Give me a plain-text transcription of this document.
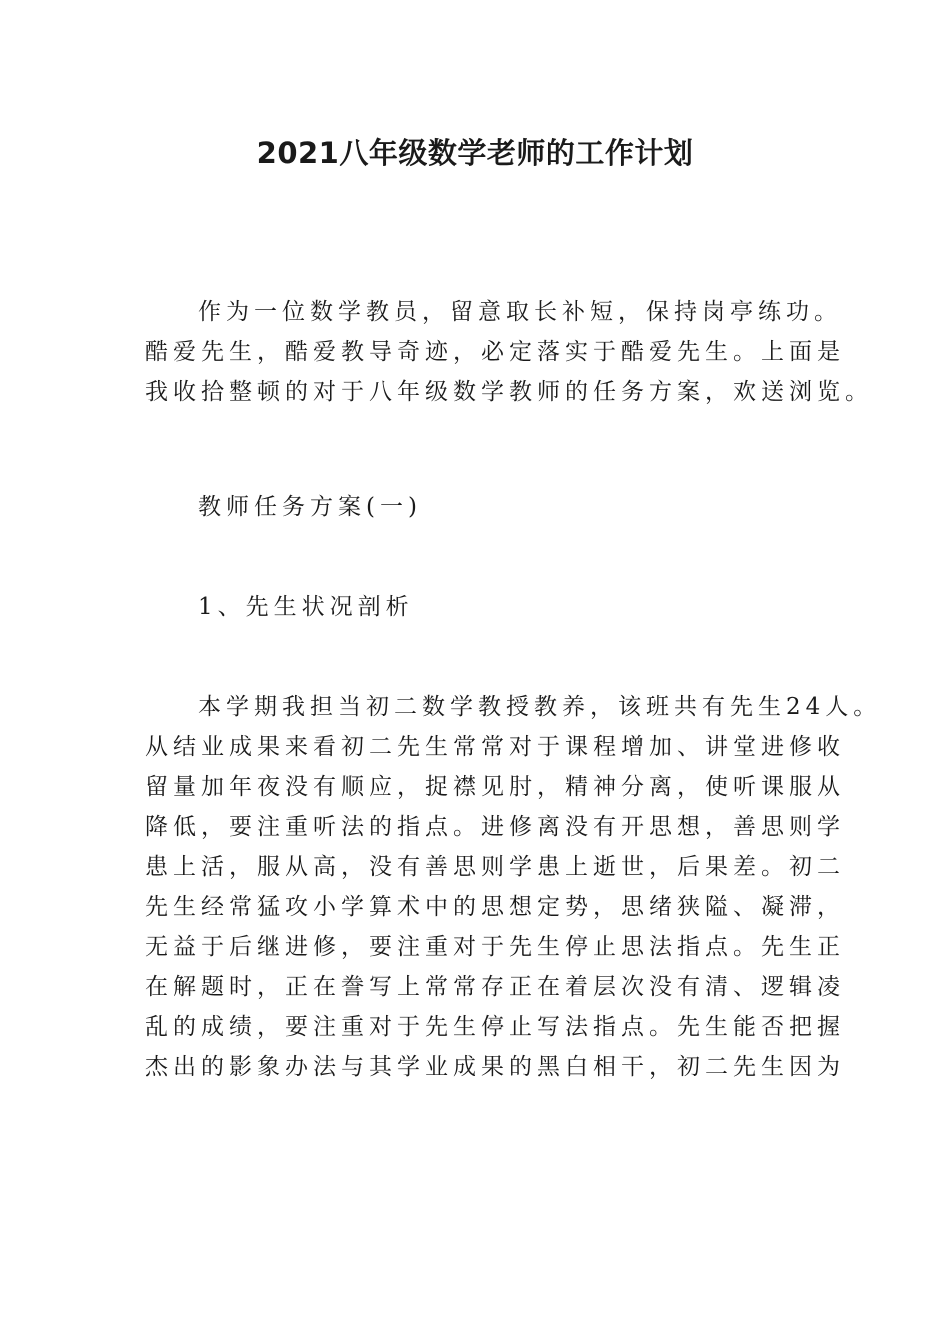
2021八年级数学老师的工作计划
作为一位数学教员，留意取长补短，保持岗亭练功。
酷爱先生，酷爱教导奇迹，必定落实于酷爱先生。上面是
我收拾整顿的对于八年级数学教师的任务方案，欢送浏览。
教师任务方案(一)
1、先生状况剖析
本学期我担当初二数学教授教养，该班共有先生24人。
从结业成果来看初二先生常常对于课程增加、讲堂进修收
留量加年夜没有顺应，捉襟见肘，精神分离，使听课服从
降低，要注重听法的指点。进修离没有开思想，善思则学
患上活，服从高，没有善思则学患上逝世，后果差。初二
先生经常猛攻小学算术中的思想定势，思绪狭隘、凝滞，
无益于后继进修，要注重对于先生停止思法指点。先生正
在解题时，正在誊写上常常存正在着层次没有清、逻辑凌
乱的成绩，要注重对于先生停止写法指点。先生能否把握
杰出的影象办法与其学业成果的黑白相干，初二先生因为
